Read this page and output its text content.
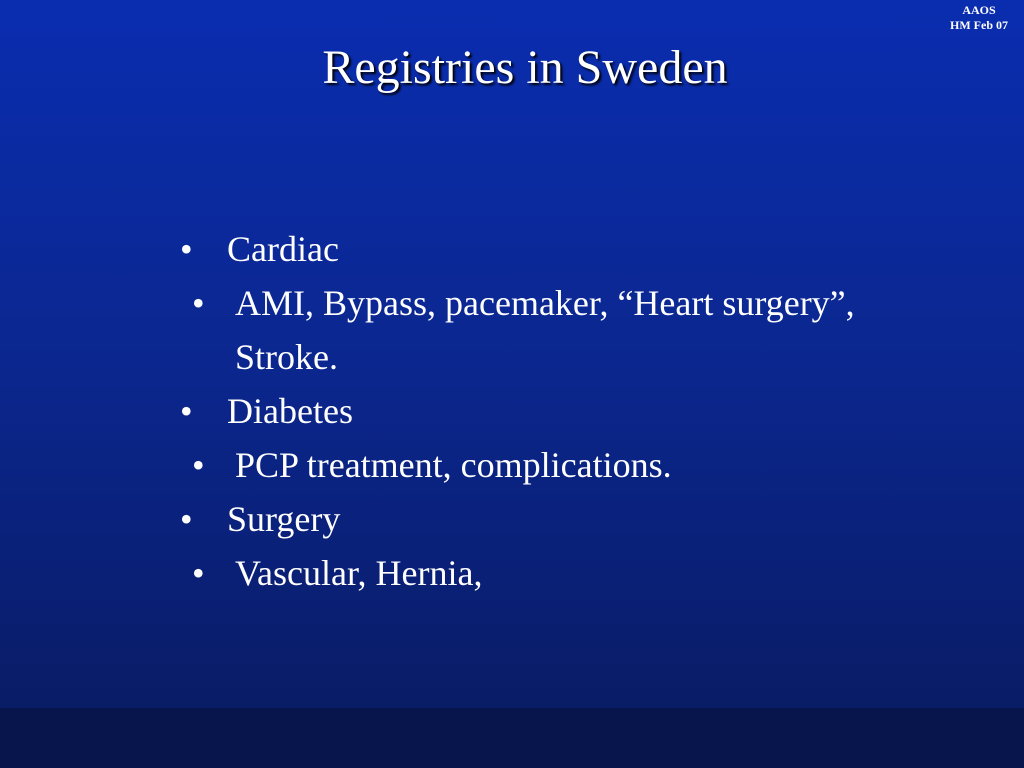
AAOS
HM Feb 07
Registries in Sweden
• Cardiac
• AMI, Bypass, pacemaker, “Heart surgery”, Stroke.
• Diabetes
• PCP treatment, complications.
• Surgery
• Vascular, Hernia,
